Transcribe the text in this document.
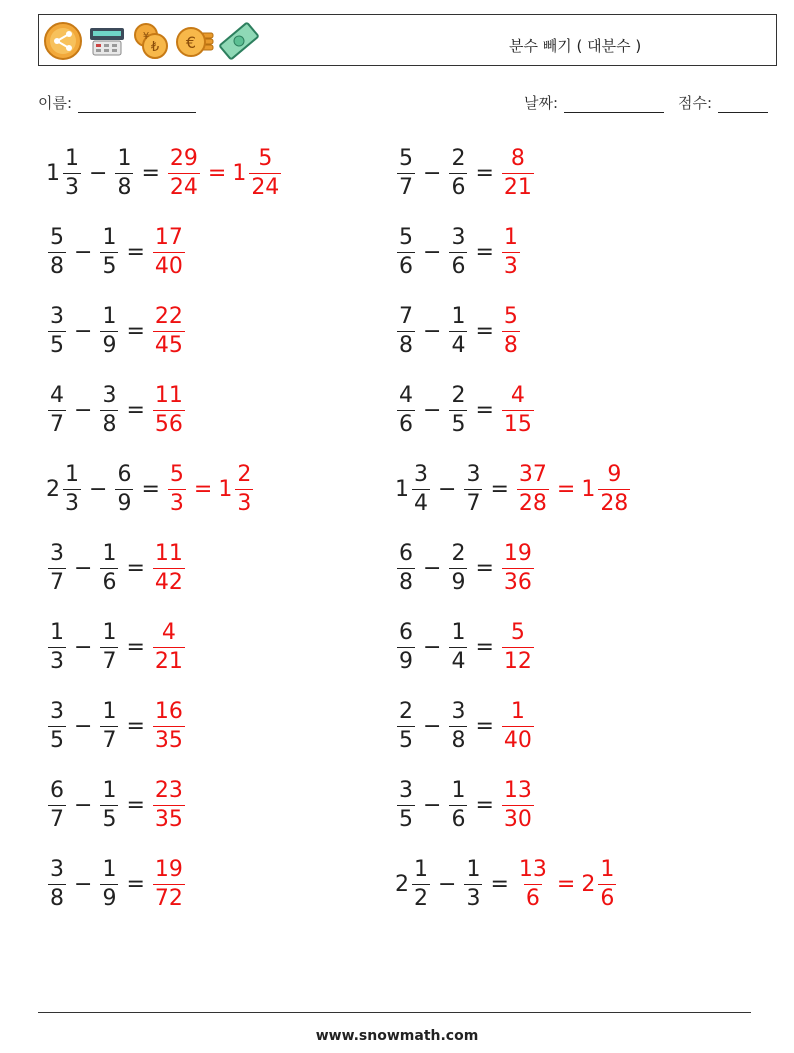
₺
¥ €	분수 빼기 ( 대분수 )
이름:	날짜:	점수:
$1 \frac{1}{3} - \frac{1}{8} = \frac{29}{24} = 1 \frac{5}{24}$
$\frac{5}{8} - \frac{1}{5} = \frac{17}{40}$
$\frac{3}{5} - \frac{1}{9} = \frac{22}{45}$
$\frac{4}{7} - \frac{3}{8} = \frac{11}{56}$
$2 \frac{1}{3} - \frac{6}{9} = \frac{5}{3} = 1 \frac{2}{3}$
$\frac{3}{7} - \frac{1}{6} = \frac{11}{42}$
$\frac{1}{3} - \frac{1}{7} = \frac{4}{21}$
$\frac{3}{5} - \frac{1}{7} = \frac{16}{35}$
$\frac{6}{7} - \frac{1}{5} = \frac{23}{35}$
$\frac{3}{8} - \frac{1}{9} = \frac{19}{72}$
$\frac{5}{7} - \frac{2}{6} = \frac{8}{21}$
$\frac{5}{6} - \frac{3}{6} = \frac{1}{3}$
$\frac{7}{8} - \frac{1}{4} = \frac{5}{8}$
$\frac{4}{6} - \frac{2}{5} = \frac{4}{15}$
$1 \frac{3}{4} - \frac{3}{7} = \frac{37}{28} = 1 \frac{9}{28}$
$\frac{6}{8} - \frac{2}{9} = \frac{19}{36}$
$\frac{6}{9} - \frac{1}{4} = \frac{5}{12}$
$\frac{2}{5} - \frac{3}{8} = \frac{1}{40}$
$\frac{3}{5} - \frac{1}{6} = \frac{13}{30}$
$2 \frac{1}{2} - \frac{1}{3} = \frac{13}{6} = 2 \frac{1}{6}$
www.snowmath.com
